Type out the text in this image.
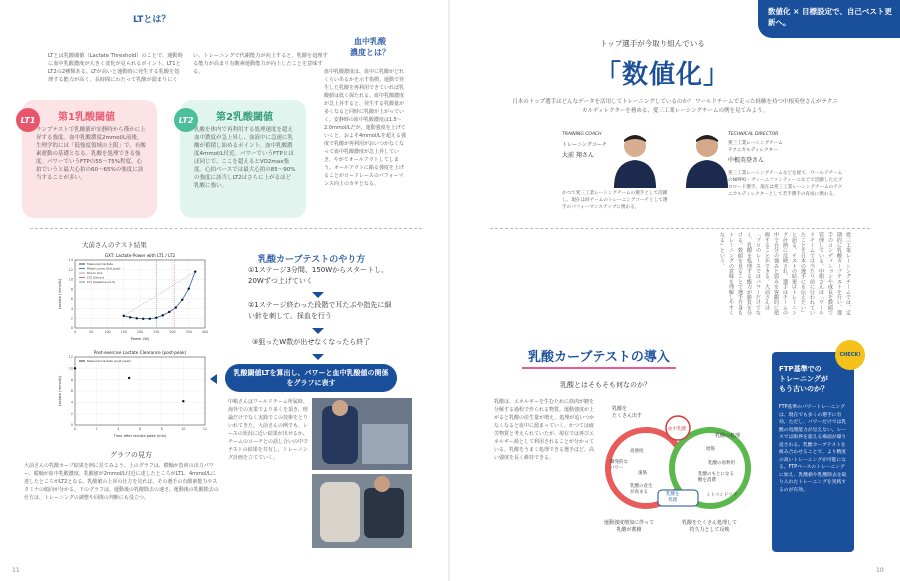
LTとは？
LTとは乳酸閾値（Lactate Threshold）のことで、運動時に血中乳酸濃度が大きく変化が見られるポイント。LT1とLT2の2種類ある。LTが高いと運動時に発生する乳酸を処理する能力が高く、長時間にわたって乳酸が溜まりにくい。トレーニングで代謝能力が向上すると、乳酸を処理する能力が高まり有酸素運動能力が向上したことを意味する。
LT1	第1乳酸閾値
ランプテストで乳酸値が安静時から僅かに上昇する強度。血中乳酸濃度2mmol/L前後。生理学的には「低強度領域の上限」で、有酸素運動の基礎となる。乳酸を処理できる強度。パワーでいうFTPの55〜75%程度。心拍でいうと最大心拍の60〜65%の強度に該当することが多い。
LT2	第2乳酸閾値
乳酸を体内で再利用する処理速度を超え血中濃度が急上昇し、血液中に急速に乳酸が蓄積し始めるポイント。血中乳酸濃度4mmol/L付近。パワーでいうFTPとほぼ同じで、ここを超えるとVO2max強度。心拍ペースでは最大心拍の85〜90%の強度に該当しLT2はさらに上がるほど乳酸に強い。
血中乳酸
濃度とは？
血中乳酸濃度は、血中に乳酸がどれくらいあるかを示す指標。運動で発生した乳酸を再利用できていれば乳酸値は低く保たれる。血中乳酸濃度が急上昇すると、発生する乳酸量が多くなると同時に乳酸が上がっていく。安静時の血中乳酸濃度は1.5〜2.0mmol/Lだが、運動強度を上げていくと、およそ4mmol/Lを超える強度で乳酸が再利用がおいつかなくなって血中乳酸濃度が急上昇していき、やがてオールアウトしてしまう。オールアウトに陥る強度を上げることがロードレースのパフォーマンス向上のカギとなる。
大前さんのテスト結果
GXT: Lactate-Power with LT1 / LT2
0	50	100	150	200	250	300	350	400
0
2
4
6
8
10
12
14
Power (W)
Lactate (mmol/L)
Measured lactate
Fitted curve (3rd poly)
Dmax line
LT2 (Dmax)
LT1 (baseline+0.5)
Post-exercise Lactate Clearance (post-peak)
0	2	4	6	8	10	12
0
2
4
6
8
10
12
Time after lactate peak (min)
Lactate (mmol/L)
Measured lactate (post peak)
グラフの見方
大前さんの乳酸カーブ結果を例に見てみよう。上のグラフは、横軸が負荷の出力パワー、縦軸が血中乳酸濃度。乳酸値が2mmol/L付近に達したところがLT1、4mmol/Lに達したところがLT2となる。乳酸値の上昇の仕方を見れば、その選手の有酸素能力やスタミナの傾向が分かる。下のグラフは、運動後の乳酸除去の速さ。運動後の乳酸除去の仕方は、トレーニングの調整や回復の判断にも役立つ。
乳酸カーブテストのやり方
①1ステージ3分間、150Wからスタートし、20Wずつ上げていく
②1ステージ終わった段階で耳たぶや指先に細い針を刺して、採血を行う
③狙ったW数が出せなくなったら終了
乳酸閾値LTを算出し、パワーと血中乳酸値の関係をグラフに表す
中嶋さんはワールドチーム所属時、海外での実業でより多くを頂き、理論だけでなく実践でこの技術をとりいれてきた。大前さんの例でも、レースの状況に近い結果が出せるか、チームのコーチとの話し合いの中でテストの結果を共有し、トレーニング計画を立てていく。
11
数値化 × 目標設定で、自己ベスト更新へ。
トップ選手が今取り組んでいる
「数値化」
日本のトップ選手はどんなデータを活用してトレーニングしているのか？ ワールドチームで走った経験を持つ中根英登さんがテクニカルディレクターを務める、愛三工業レーシングチームの例を見てみよう。
TRAINING COACH
トレーニングコーチ
大前 翔さん
かつて愛三工業レーシングチームの選手として活躍し、現在は同チームのトレーニングコーチとして選手のパフォーマンスアップに携わる。
TECHNICAL DIRECTOR
愛三工業レーシングチーム
テクニカルディレクター
中根英登さん
愛三工業レーシングチームなどを経て、ワールドチームのNIPPO・ヴィーニファンティーニなどで活躍した元プロロード選手。現在は愛三工業レーシングチームのテクニカルディレクターとして若手選手の育成に携わる。
愛三工業レーシングチームでは、定期的に乳酸カーブテストを行い、選手のコンディションや成長を数値で管理している。中根さんは「ワールドチームでは当たり前に行われていたことを日本の選手にも伝えたい」と語る。テストの結果はトレーニング計画に反映され、選手はチームの中で自分の強みと弱みを客観的に把握することができる。大前さんは「プロのレースではパワーだけでなく、乳酸を処理する能力が勝負を分ける。数値を見ることで選手自身もトレーニングの意味を理解しやすくなる」という。
乳酸カーブテストの導入
乳酸とはそもそも何なのか？
乳酸は、エネルギーを生むために筋肉が糖を分解する過程で作られる物質。運動強度が上がると乳酸の産生量が増え、処理が追いつかなくなると血中に溜まっていく。かつては疲労物質と考えられていたが、現在では再びエネルギー源として利用されることが分かっている。乳酸をうまく処理できる選手ほど、高い強度を長く維持できる。
乳酸を
たくさん出す
血中乳酸
乳酸の処理
高強度
瞬発的な
パワー
速筋
乳酸の産生
が高まる
遅筋
乳酸の再利用
乳酸のもとになる
糖を消費
ミトコンドリア
乳酸を
処理
運動強度増加に伴って
乳酸が蓄積
乳酸をたくさん処理して
持久力として反映
FTP基準での
トレーニングが
もう古いのか？
FTP基準のパワートレーニングは、現在でも多くの選手に有効。ただし、パワーだけでは乳酸の処理能力が見えない。レースでは限界を超える場面が繰り返される。乳酸カーブテストを組み合わせることで、より精度の高いトレーニングが可能になる。FTPベースのトレーニングに加え、乳酸値や乳酸除去を取り入れたトレーニングを実践するのが有効。
CHECK!
10
